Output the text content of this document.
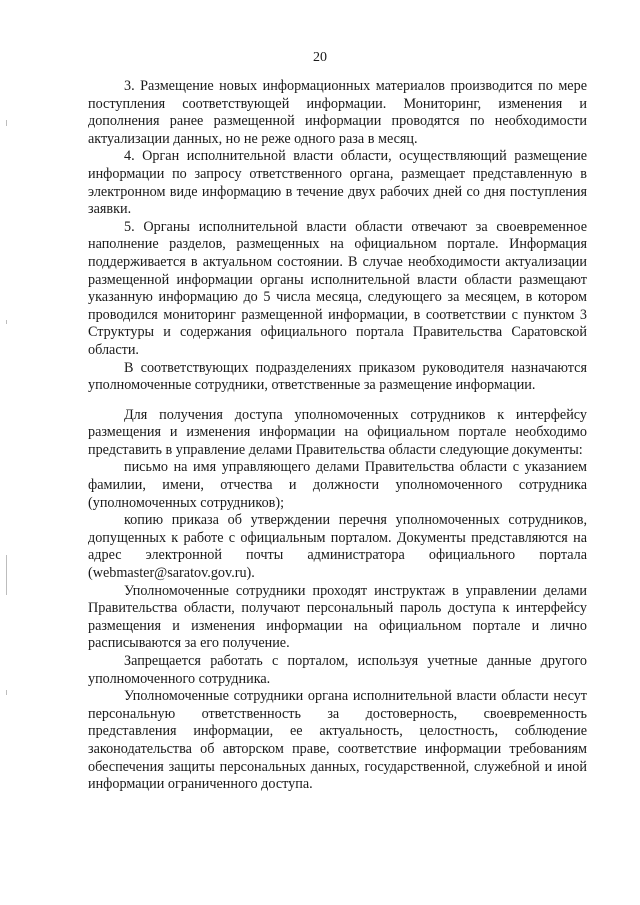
20

3. Размещение новых информационных материалов производится по мере поступления соответствующей информации. Мониторинг, изменения и дополнения ранее размещенной информации проводятся по необходимости актуализации данных, но не реже одного раза в месяц.

4. Орган исполнительной власти области, осуществляющий размещение информации по запросу ответственного органа, размещает представленную в электронном виде информацию в течение двух рабочих дней со дня поступления заявки.

5. Органы исполнительной власти области отвечают за своевременное наполнение разделов, размещенных на официальном портале. Информация поддерживается в актуальном состоянии. В случае необходимости актуализации размещенной информации органы исполнительной власти области размещают указанную информацию до 5 числа месяца, следующего за месяцем, в котором проводился мониторинг размещенной информации, в соответствии с пунктом 3 Структуры и содержания официального портала Правительства Саратовской области.

В соответствующих подразделениях приказом руководителя назначаются уполномоченные сотрудники, ответственные за размещение информации.

Для получения доступа уполномоченных сотрудников к интерфейсу размещения и изменения информации на официальном портале необходимо представить в управление делами Правительства области следующие документы:

письмо на имя управляющего делами Правительства области с указанием фамилии, имени, отчества и должности уполномоченного сотрудника (уполномоченных сотрудников);

копию приказа об утверждении перечня уполномоченных сотрудников, допущенных к работе с официальным порталом. Документы представляются на адрес электронной почты администратора официального портала (webmaster@saratov.gov.ru).

Уполномоченные сотрудники проходят инструктаж в управлении делами Правительства области, получают персональный пароль доступа к интерфейсу размещения и изменения информации на официальном портале и лично расписываются за его получение.

Запрещается работать с порталом, используя учетные данные другого уполномоченного сотрудника.

Уполномоченные сотрудники органа исполнительной власти области несут персональную ответственность за достоверность, своевременность представления информации, ее актуальность, целостность, соблюдение законодательства об авторском праве, соответствие информации требованиям обеспечения защиты персональных данных, государственной, служебной и иной информации ограниченного доступа.
